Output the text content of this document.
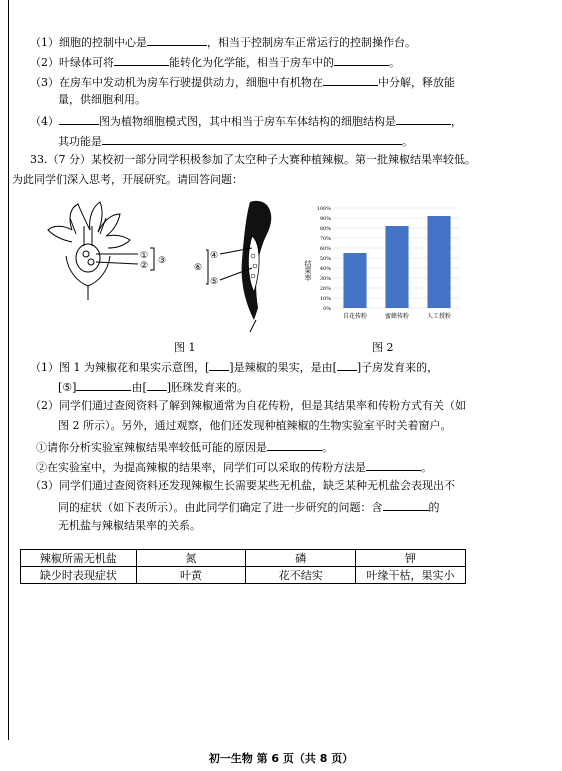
（1）细胞的控制中心是	，相当于控制房车正常运行的控制操作台。
（2）叶绿体可将	能转化为化学能，相当于房车中的	。
（3）在房车中发动机为房车行驶提供动力，细胞中有机物在	中分解，释放能
量，供细胞利用。
（4）	图为植物细胞模式图，其中相当于房车车体结构的细胞结构是	，
其功能是	。
33.（7 分）某校初一部分同学积极参加了太空种子大赛种植辣椒。第一批辣椒结果率较低。
为此同学们深入思考，开展研究。请回答问题：
①
② ③
⑥
④
⑤
0%
10%
20%
30%
40%
50%
60%
70%
80%
90%
100%
自花传粉	蜜蜂传粉	人工授粉
结果率
图 1	图 2
（1）图 1 为辣椒花和果实示意图，[ ]是辣椒的果实，是由[ ]子房发育来的，
[⑤]	由[ ]胚珠发育来的。
（2）同学们通过查阅资料了解到辣椒通常为自花传粉，但是其结果率和传粉方式有关（如
图 2 所示）。另外，通过观察，他们还发现种植辣椒的生物实验室平时关着窗户。
①请你分析实验室辣椒结果率较低可能的原因是	。
②在实验室中，为提高辣椒的结果率，同学们可以采取的传粉方法是	。
（3）同学们通过查阅资料还发现辣椒生长需要某些无机盐，缺乏某种无机盐会表现出不
同的症状（如下表所示）。由此同学们确定了进一步研究的问题：含	的
无机盐与辣椒结果率的关系。
辣椒所需无机盐	氮	磷	钾
缺少时表现症状	叶黄	花不结实	叶缘干枯，果实小
初一生物 第 6 页（共 8 页）
